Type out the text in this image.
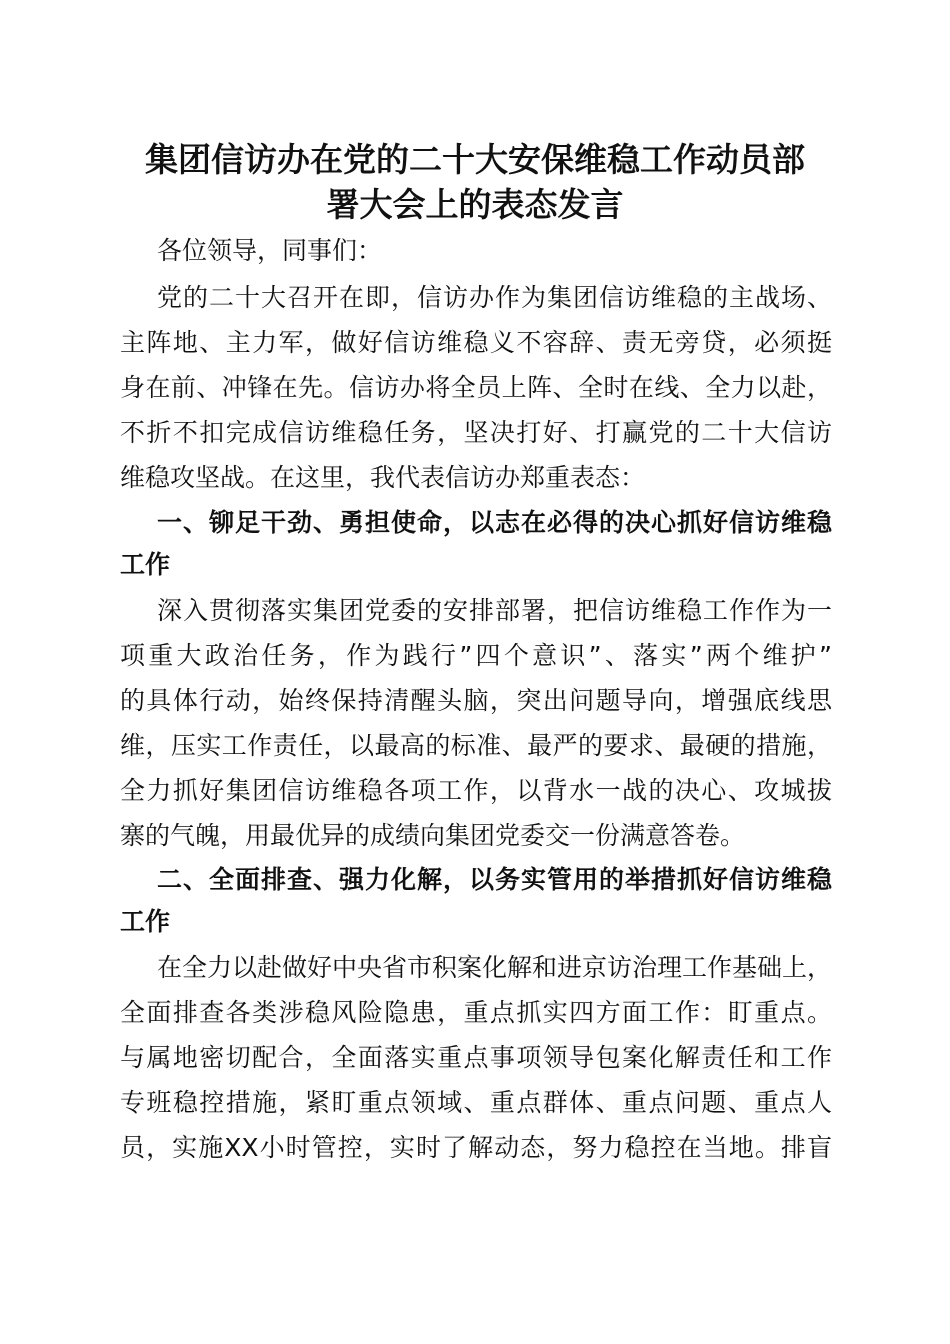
集团信访办在党的二十大安保维稳工作动员部
署大会上的表态发言
各位领导，同事们：
党的二十大召开在即，信访办作为集团信访维稳的主战场、
主阵地、主力军，做好信访维稳义不容辞、责无旁贷，必须挺
身在前、冲锋在先。信访办将全员上阵、全时在线、全力以赴，
不折不扣完成信访维稳任务，坚决打好、打赢党的二十大信访
维稳攻坚战。在这里，我代表信访办郑重表态：
一、铆足干劲、勇担使命，以志在必得的决心抓好信访维稳
工作
深入贯彻落实集团党委的安排部署，把信访维稳工作作为一
项重大政治任务，作为践行”四个意识”、落实”两个维护”
的具体行动，始终保持清醒头脑，突出问题导向，增强底线思
维，压实工作责任，以最高的标准、最严的要求、最硬的措施，
全力抓好集团信访维稳各项工作，以背水一战的决心、攻城拔
寨的气魄，用最优异的成绩向集团党委交一份满意答卷。
二、全面排查、强力化解，以务实管用的举措抓好信访维稳
工作
在全力以赴做好中央省市积案化解和进京访治理工作基础上，
全面排查各类涉稳风险隐患，重点抓实四方面工作：盯重点。
与属地密切配合，全面落实重点事项领导包案化解责任和工作
专班稳控措施，紧盯重点领域、重点群体、重点问题、重点人
员，实施XX小时管控，实时了解动态，努力稳控在当地。排盲
